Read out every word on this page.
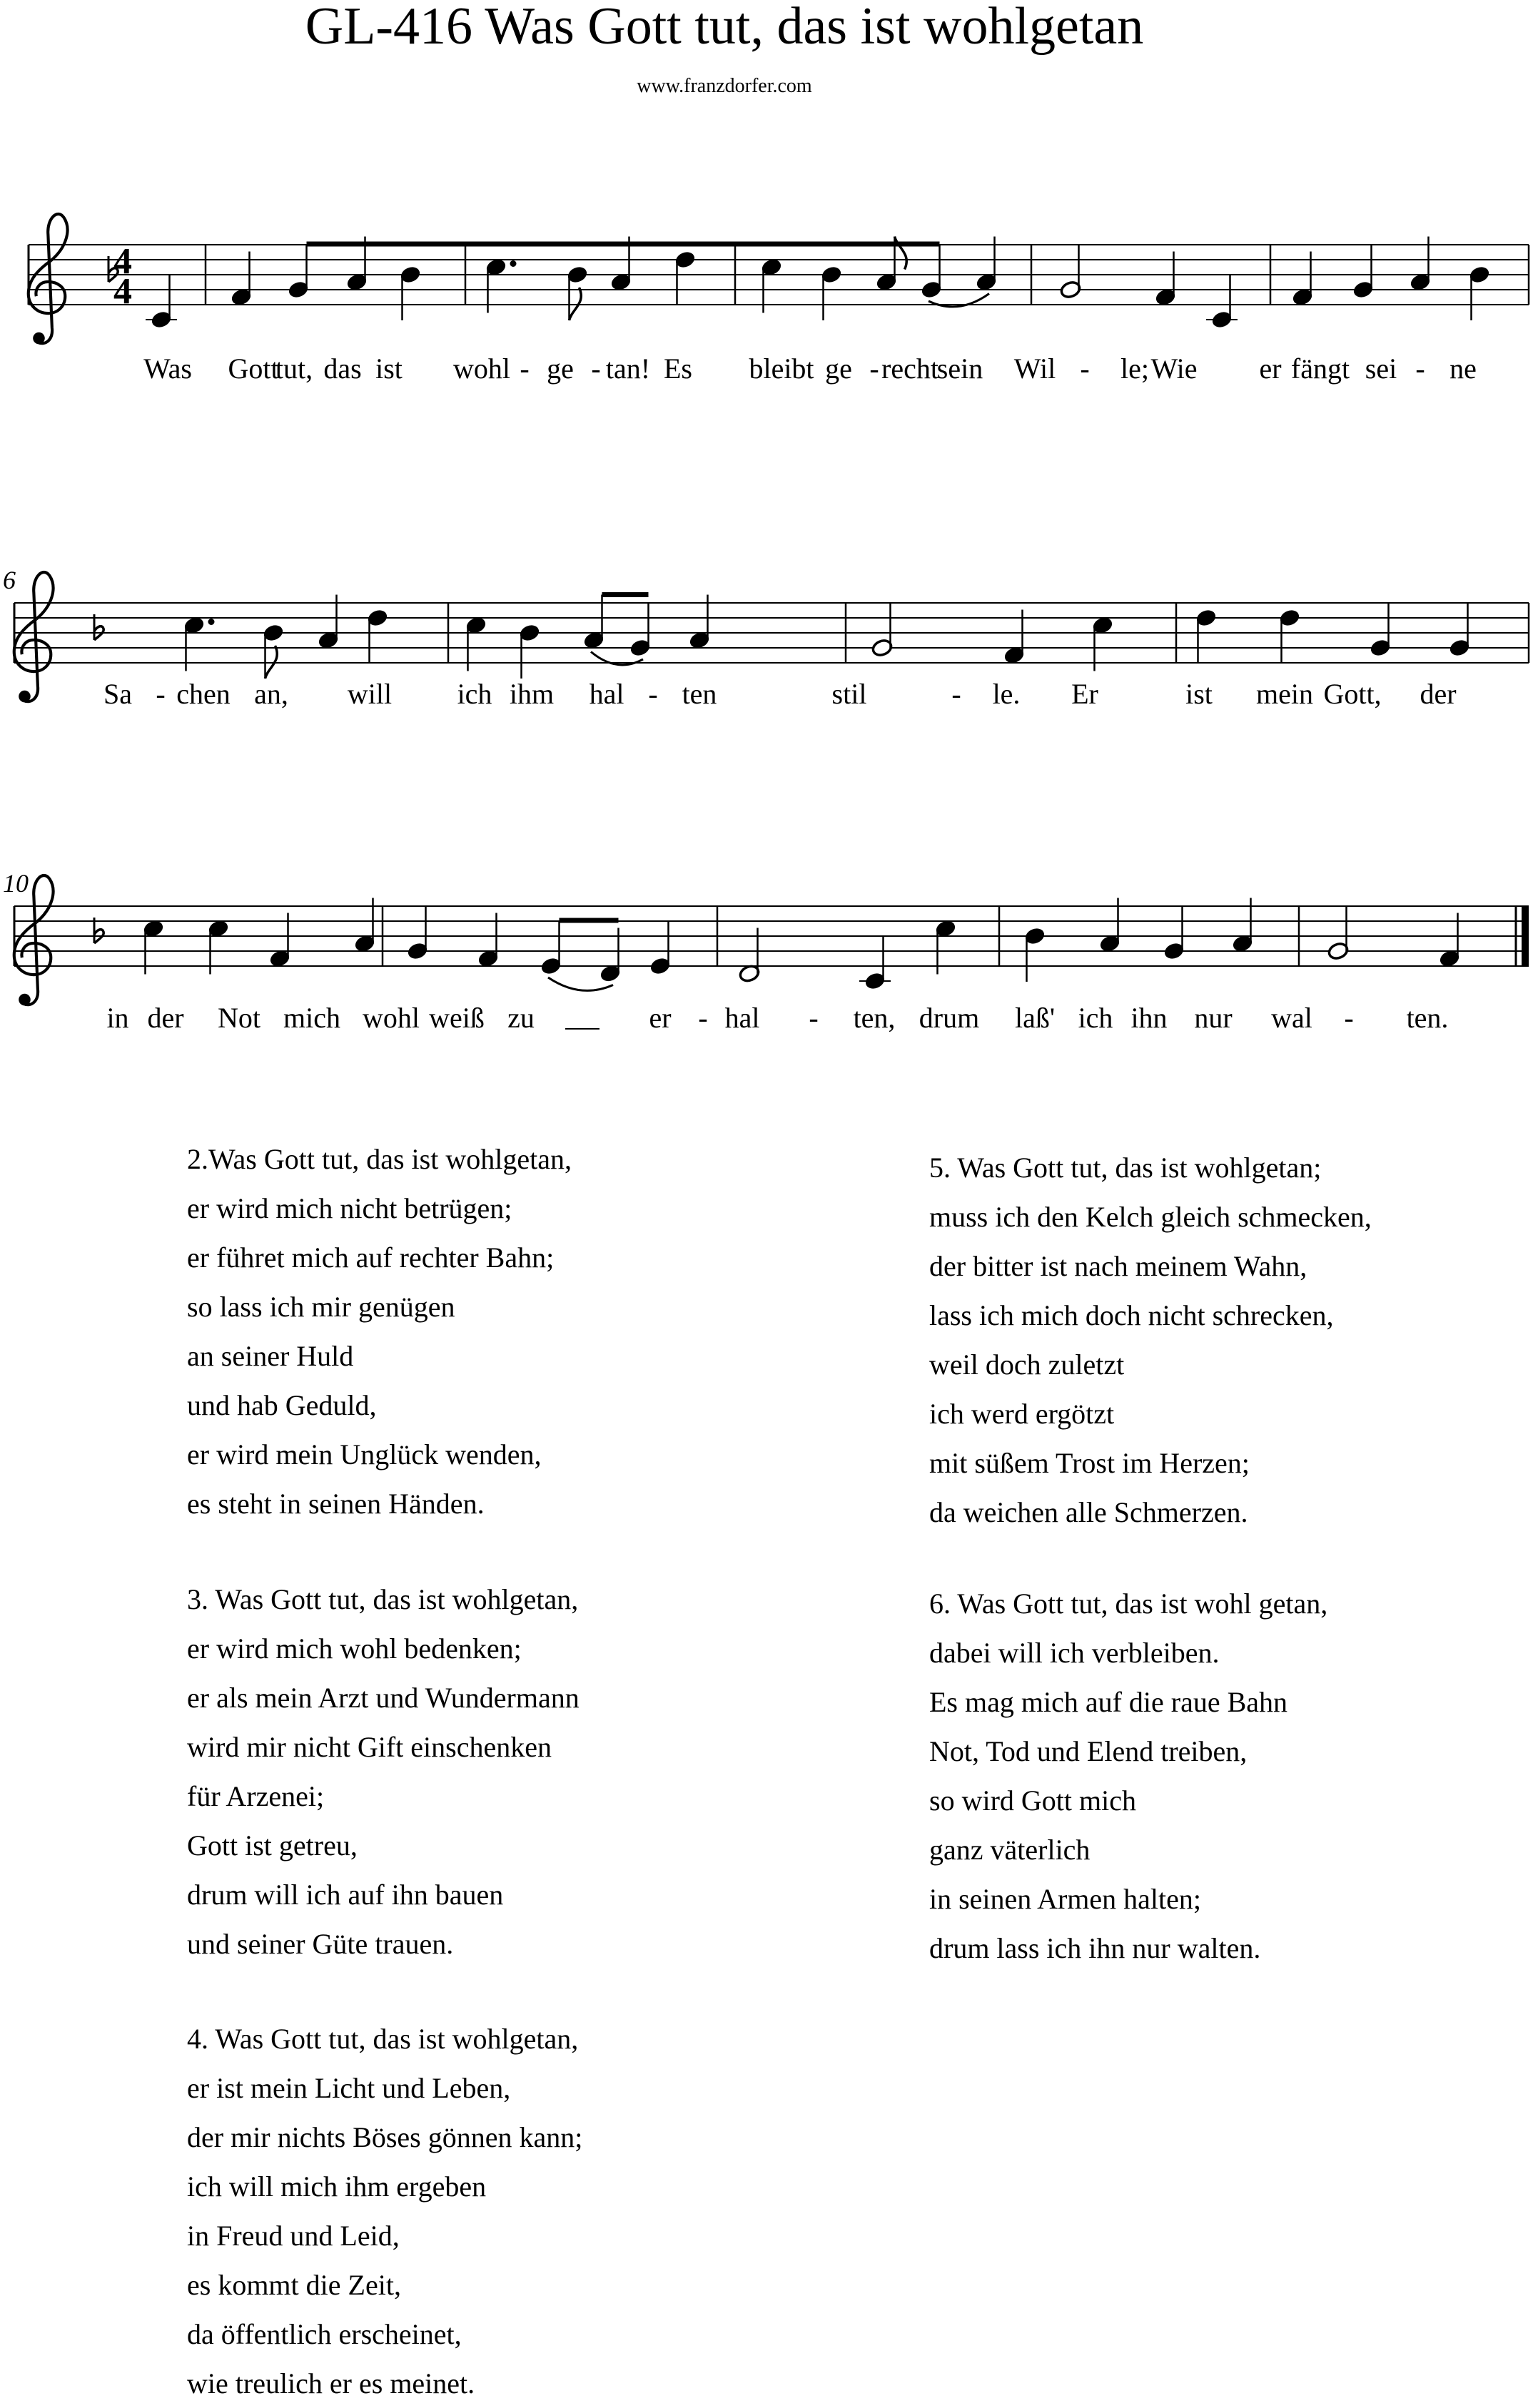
GL-416 Was Gott tut, das ist wohlgetan
www.franzdorfer.com
4
4
Was Gott
tut, das ist wohl - ge - tan! Es bleibt ge - recht
sein Wil - le; Wie er fängt sei - ne
6
Sa - chen an, will ich ihm hal - ten	stil	- le. Er	ist mein Gott, der
10
in der Not mich wohl weiß zu	er - hal - ten, drum laß' ich ihn nur wal - ten.
2.Was Gott tut, das ist wohlgetan,
er wird mich nicht betrügen;
er führet mich auf rechter Bahn;
so lass ich mir genügen
an seiner Huld
und hab Geduld,
er wird mein Unglück wenden,
es steht in seinen Händen.
3. Was Gott tut, das ist wohlgetan,
er wird mich wohl bedenken;
er als mein Arzt und Wundermann
wird mir nicht Gift einschenken
für Arzenei;
Gott ist getreu,
drum will ich auf ihn bauen
und seiner Güte trauen.
4. Was Gott tut, das ist wohlgetan,
er ist mein Licht und Leben,
der mir nichts Böses gönnen kann;
ich will mich ihm ergeben
in Freud und Leid,
es kommt die Zeit,
da öffentlich erscheinet,
wie treulich er es meinet.
5. Was Gott tut, das ist wohlgetan;
muss ich den Kelch gleich schmecken,
der bitter ist nach meinem Wahn,
lass ich mich doch nicht schrecken,
weil doch zuletzt
ich werd ergötzt
mit süßem Trost im Herzen;
da weichen alle Schmerzen.
6. Was Gott tut, das ist wohl getan,
dabei will ich verbleiben.
Es mag mich auf die raue Bahn
Not, Tod und Elend treiben,
so wird Gott mich
ganz väterlich
in seinen Armen halten;
drum lass ich ihn nur walten.
